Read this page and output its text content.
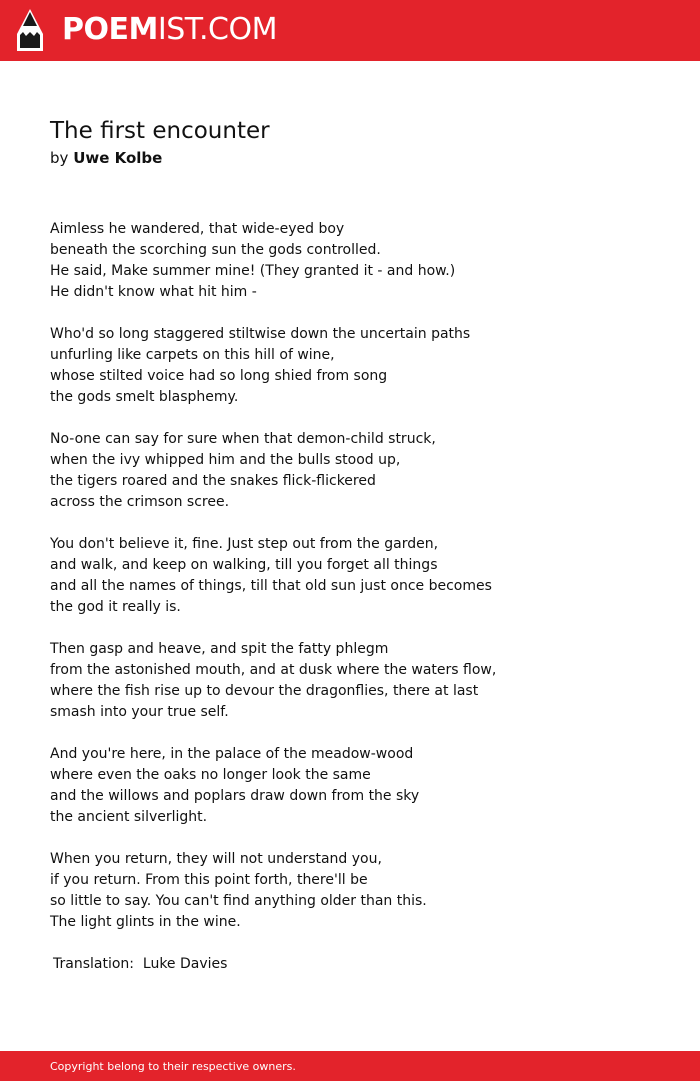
POEMIST.COM
The first encounter
by Uwe Kolbe
Aimless he wandered, that wide-eyed boy
beneath the scorching sun the gods controlled.
He said, Make summer mine! (They granted it - and how.)
He didn't know what hit him -
Who'd so long staggered stiltwise down the uncertain paths
unfurling like carpets on this hill of wine,
whose stilted voice had so long shied from song
the gods smelt blasphemy.
No-one can say for sure when that demon-child struck,
when the ivy whipped him and the bulls stood up,
the tigers roared and the snakes flick-flickered
across the crimson scree.
You don't believe it, fine. Just step out from the garden,
and walk, and keep on walking, till you forget all things
and all the names of things, till that old sun just once becomes
the god it really is.
Then gasp and heave, and spit the fatty phlegm
from the astonished mouth, and at dusk where the waters flow,
where the fish rise up to devour the dragonflies, there at last
smash into your true self.
And you're here, in the palace of the meadow-wood
where even the oaks no longer look the same
and the willows and poplars draw down from the sky
the ancient silverlight.
When you return, they will not understand you,
if you return. From this point forth, there'll be
so little to say. You can't find anything older than this.
The light glints in the wine.
Translation:  Luke Davies
Copyright belong to their respective owners.
